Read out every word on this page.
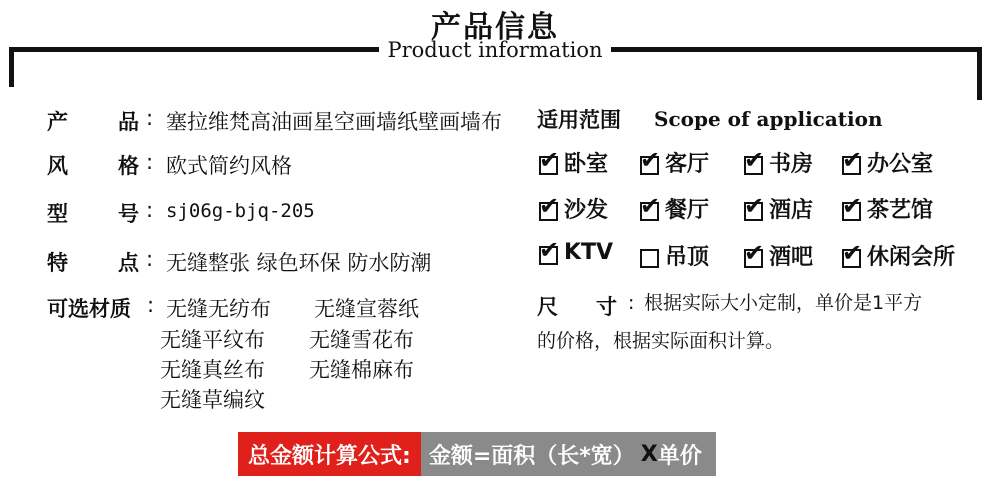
产品信息
Product information
产 品 : 塞拉维梵高油画星空画墙纸壁画墙布
风 格 : 欧式简约风格
型 号 : sj06g-bjq-205
特 点 : 无缝整张 绿色环保 防水防潮
可选材质 : 无缝无纺布 无缝宣蓉纸
无缝平纹布 无缝雪花布
无缝真丝布 无缝棉麻布
无缝草编纹
适用范围 Scope of application
✔ 卧室 ✔ 客厅 ✔ 书房 ✔ 办公室
✔ 沙发 ✔ 餐厅 ✔ 酒店 ✔ 茶艺馆
✔ KTV 吊顶 ✔ 酒吧 ✔ 休闲会所
尺 寸 : 根据实际大小定制，单价是1平方
的价格，根据实际面积计算。
总金额计算公式: 金额=面积（长*宽） X 单价
